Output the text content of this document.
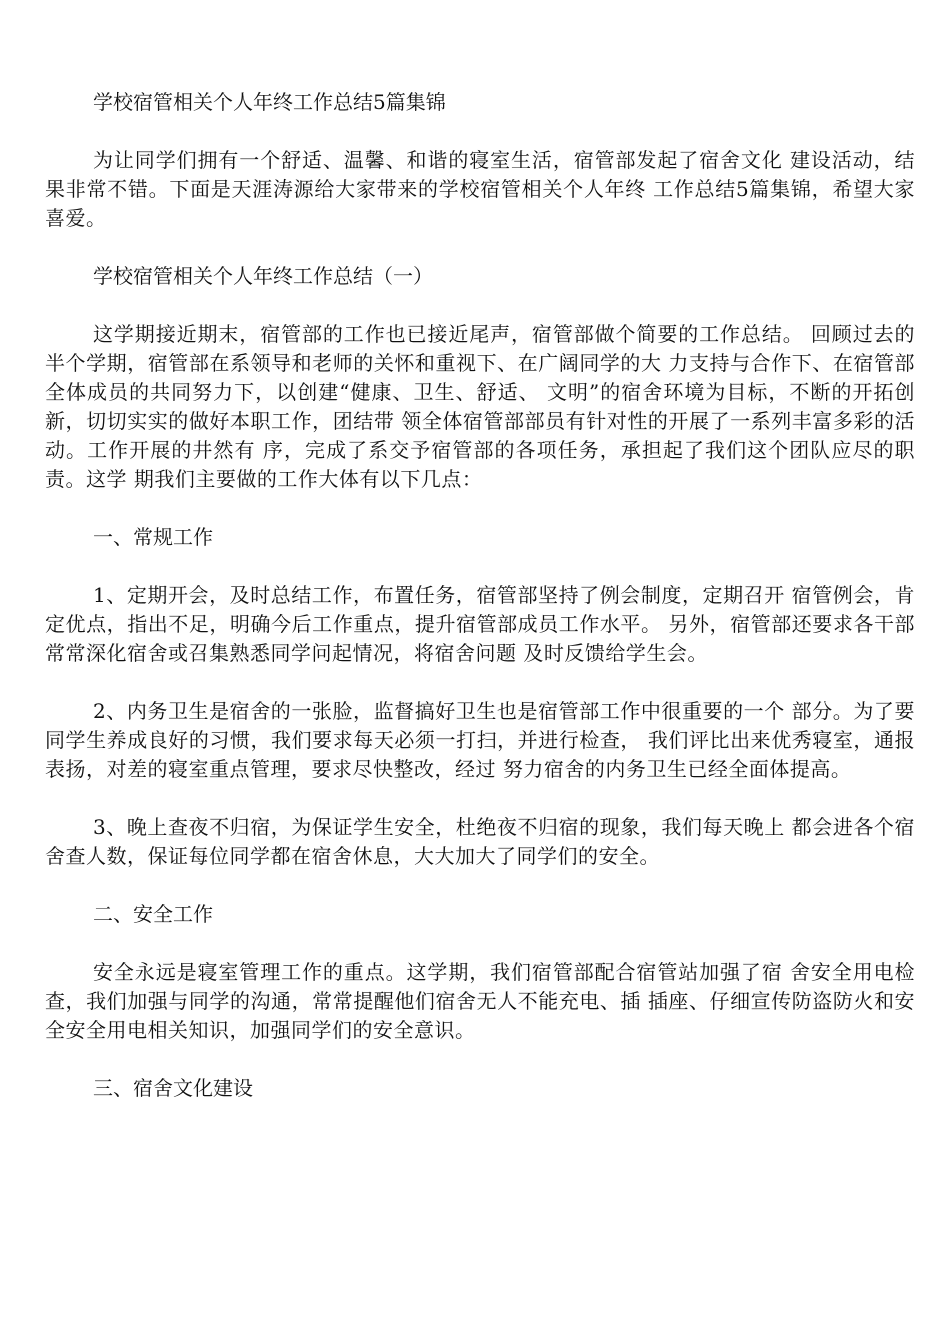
学校宿管相关个人年终工作总结5篇集锦

为让同学们拥有一个舒适、温馨、和谐的寝室生活，宿管部发起了宿舍文化 建设活动，结果非常不错。下面是天涯涛源给大家带来的学校宿管相关个人年终 工作总结5篇集锦，希望大家喜爱。

学校宿管相关个人年终工作总结（一）

这学期接近期末，宿管部的工作也已接近尾声，宿管部做个简要的工作总结。 回顾过去的半个学期，宿管部在系领导和老师的关怀和重视下、在广阔同学的大 力支持与合作下、在宿管部全体成员的共同努力下，以创建“健康、卫生、舒适、 文明”的宿舍环境为目标，不断的开拓创新，切切实实的做好本职工作，团结带 领全体宿管部部员有针对性的开展了一系列丰富多彩的活动。工作开展的井然有 序，完成了系交予宿管部的各项任务，承担起了我们这个团队应尽的职责。这学 期我们主要做的工作大体有以下几点：

一、常规工作

1、定期开会，及时总结工作，布置任务，宿管部坚持了例会制度，定期召开 宿管例会，肯定优点，指出不足，明确今后工作重点，提升宿管部成员工作水平。 另外，宿管部还要求各干部常常深化宿舍或召集熟悉同学问起情况，将宿舍问题 及时反馈给学生会。

2、内务卫生是宿舍的一张脸，监督搞好卫生也是宿管部工作中很重要的一个 部分。为了要同学生养成良好的习惯，我们要求每天必须一打扫，并进行检查， 我们评比出来优秀寝室，通报表扬，对差的寝室重点管理，要求尽快整改，经过 努力宿舍的内务卫生已经全面体提高。

3、晚上查夜不归宿，为保证学生安全，杜绝夜不归宿的现象，我们每天晚上 都会进各个宿舍查人数，保证每位同学都在宿舍休息，大大加大了同学们的安全。

二、安全工作

安全永远是寝室管理工作的重点。这学期，我们宿管部配合宿管站加强了宿 舍安全用电检查，我们加强与同学的沟通，常常提醒他们宿舍无人不能充电、插 插座、仔细宣传防盗防火和安全安全用电相关知识，加强同学们的安全意识。

三、宿舍文化建设
